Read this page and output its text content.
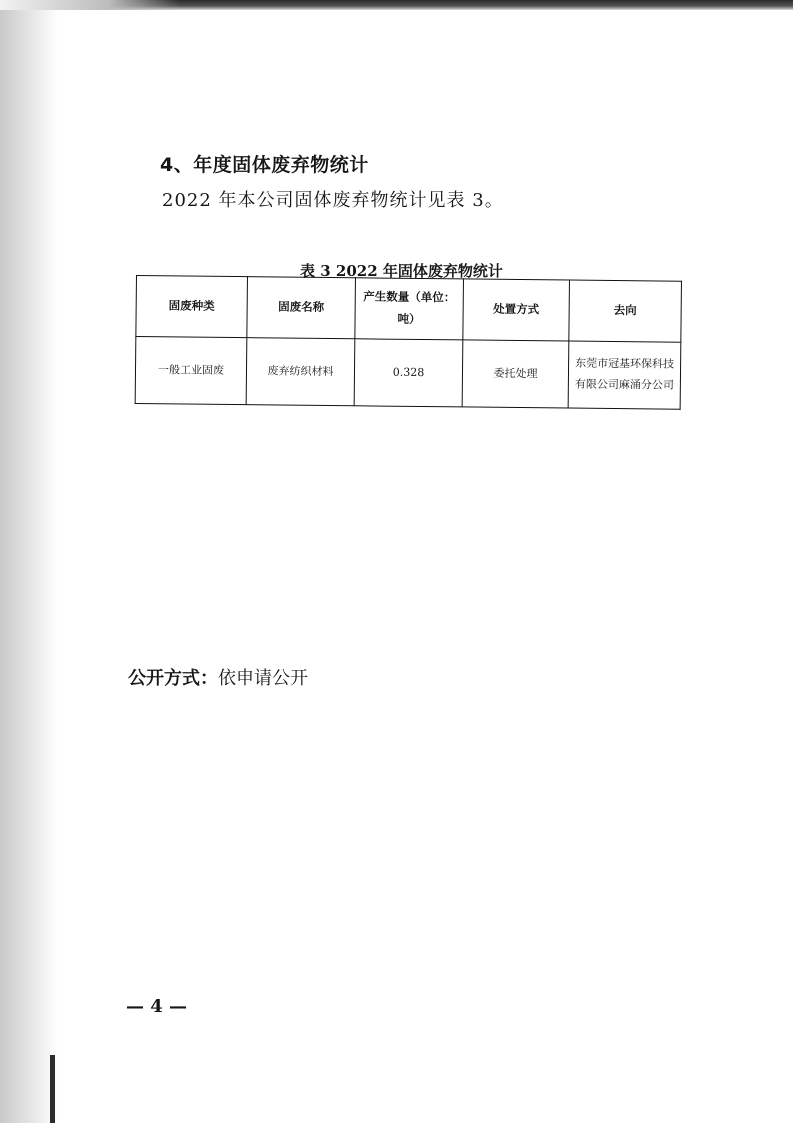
4、年度固体废弃物统计
2022 年本公司固体废弃物统计见表 3。
表 3 2022 年固体废弃物统计
固废种类	固废名称	产生数量（单位：吨）	处置方式	去向
一般工业固废	废弃纺织材料	0.328	委托处理	东莞市冠基环保科技有限公司麻涌分公司
公开方式：依申请公开
— 4 —
